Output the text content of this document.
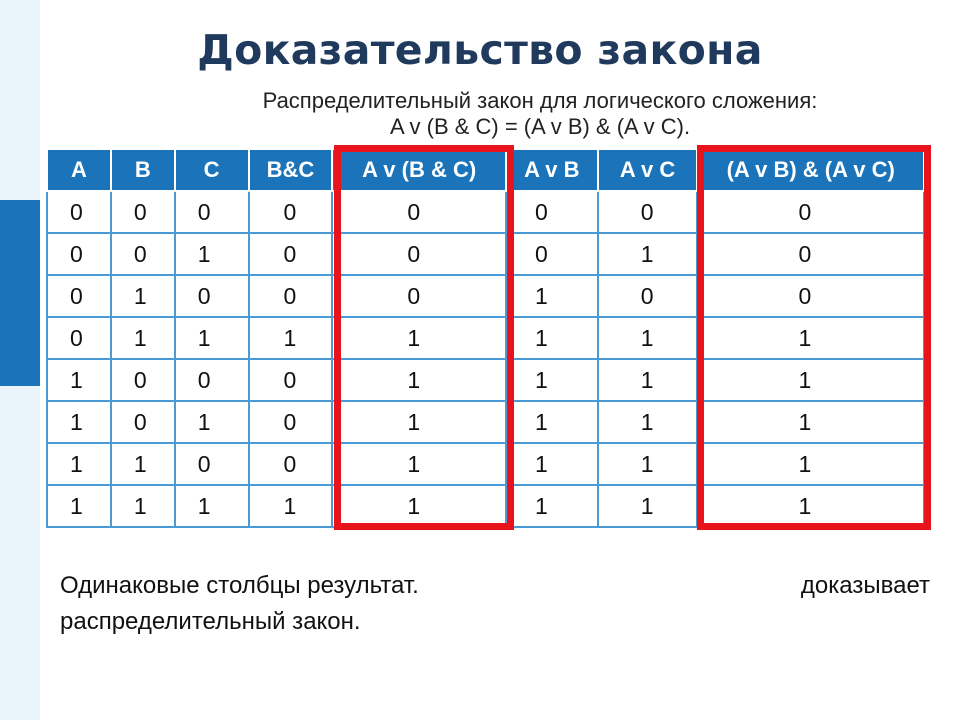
Доказательство закона
Распределительный закон для логического сложения:
A v (B & C) = (A v B) & (A v C).
A	B	C	B&C	A v (B & C)	A v B	A v C	(A v B) & (A v C)
0	0	0	0	0	0	0	0
0	0	1	0	0	0	1	0
0	1	0	0	0	1	0	0
0	1	1	1	1	1	1	1
1	0	0	0	1	1	1	1
1	0	1	0	1	1	1	1
1	1	0	0	1	1	1	1
1	1	1	1	1	1	1	1
Одинаковые столбцы результат.	доказывает
распределительный закон.
